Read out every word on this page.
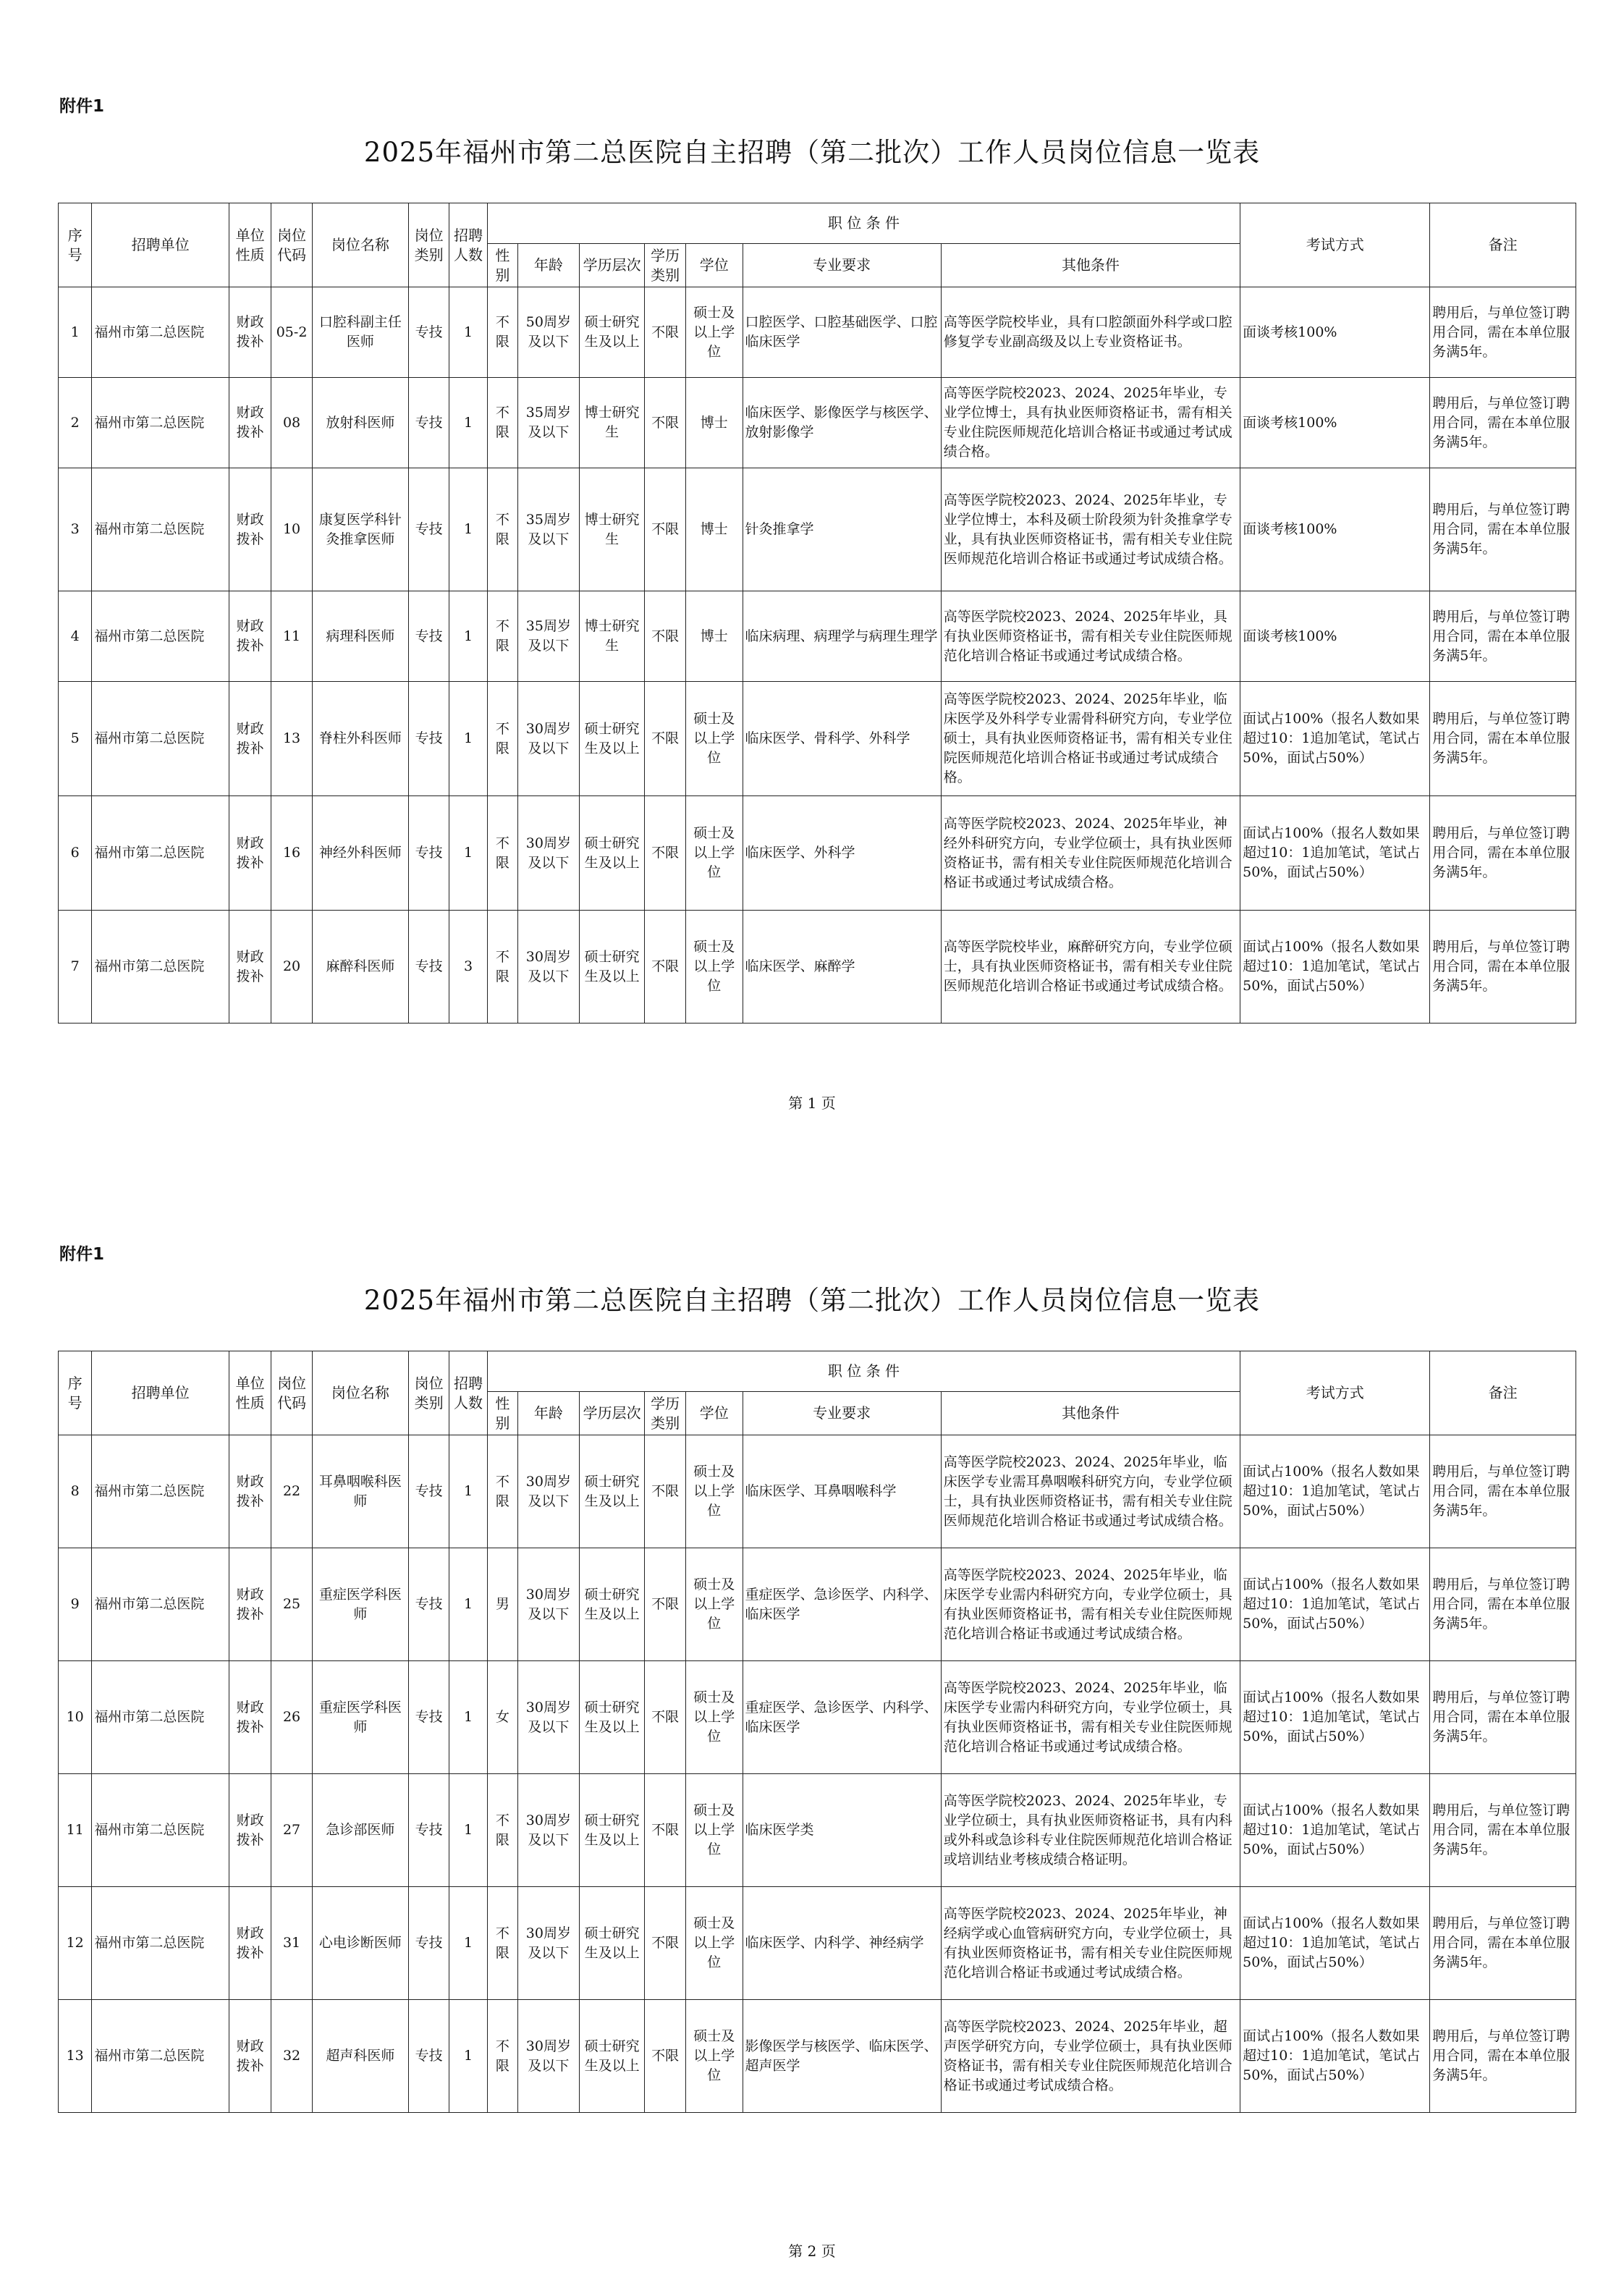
附件1
2025年福州市第二总医院自主招聘（第二批次）工作人员岗位信息一览表
序号	招聘单位	单位性质	岗位代码	岗位名称	岗位类别	招聘人数	职 位 条 件							考试方式	备注
							性别	年龄	学历层次	学历类别	学位	专业要求	其他条件		
1	福州市第二总医院	财政拨补	05-2	口腔科副主任医师	专技	1	不限	50周岁及以下	硕士研究生及以上	不限	硕士及以上学位	口腔医学、口腔基础医学、口腔临床医学	高等医学院校毕业，具有口腔颌面外科学或口腔修复学专业副高级及以上专业资格证书。	面谈考核100%	聘用后，与单位签订聘用合同，需在本单位服务满5年。
2	福州市第二总医院	财政拨补	08	放射科医师	专技	1	不限	35周岁及以下	博士研究生	不限	博士	临床医学、影像医学与核医学、放射影像学	高等医学院校2023、2024、2025年毕业，专业学位博士，具有执业医师资格证书，需有相关专业住院医师规范化培训合格证书或通过考试成绩合格。	面谈考核100%	聘用后，与单位签订聘用合同，需在本单位服务满5年。
3	福州市第二总医院	财政拨补	10	康复医学科针灸推拿医师	专技	1	不限	35周岁及以下	博士研究生	不限	博士	针灸推拿学	高等医学院校2023、2024、2025年毕业，专业学位博士，本科及硕士阶段须为针灸推拿学专业，具有执业医师资格证书，需有相关专业住院医师规范化培训合格证书或通过考试成绩合格。	面谈考核100%	聘用后，与单位签订聘用合同，需在本单位服务满5年。
4	福州市第二总医院	财政拨补	11	病理科医师	专技	1	不限	35周岁及以下	博士研究生	不限	博士	临床病理、病理学与病理生理学	高等医学院校2023、2024、2025年毕业，具有执业医师资格证书，需有相关专业住院医师规范化培训合格证书或通过考试成绩合格。	面谈考核100%	聘用后，与单位签订聘用合同，需在本单位服务满5年。
5	福州市第二总医院	财政拨补	13	脊柱外科医师	专技	1	不限	30周岁及以下	硕士研究生及以上	不限	硕士及以上学位	临床医学、骨科学、外科学	高等医学院校2023、2024、2025年毕业，临床医学及外科学专业需骨科研究方向，专业学位硕士，具有执业医师资格证书，需有相关专业住院医师规范化培训合格证书或通过考试成绩合格。	面试占100%（报名人数如果超过10：1追加笔试，笔试占50%，面试占50%）	聘用后，与单位签订聘用合同，需在本单位服务满5年。
6	福州市第二总医院	财政拨补	16	神经外科医师	专技	1	不限	30周岁及以下	硕士研究生及以上	不限	硕士及以上学位	临床医学、外科学	高等医学院校2023、2024、2025年毕业，神经外科研究方向，专业学位硕士，具有执业医师资格证书，需有相关专业住院医师规范化培训合格证书或通过考试成绩合格。	面试占100%（报名人数如果超过10：1追加笔试，笔试占50%，面试占50%）	聘用后，与单位签订聘用合同，需在本单位服务满5年。
7	福州市第二总医院	财政拨补	20	麻醉科医师	专技	3	不限	30周岁及以下	硕士研究生及以上	不限	硕士及以上学位	临床医学、麻醉学	高等医学院校毕业，麻醉研究方向，专业学位硕士，具有执业医师资格证书，需有相关专业住院医师规范化培训合格证书或通过考试成绩合格。	面试占100%（报名人数如果超过10：1追加笔试，笔试占50%，面试占50%）	聘用后，与单位签订聘用合同，需在本单位服务满5年。
第 1 页
附件1
2025年福州市第二总医院自主招聘（第二批次）工作人员岗位信息一览表
序号	招聘单位	单位性质	岗位代码	岗位名称	岗位类别	招聘人数	职 位 条 件							考试方式	备注
							性别	年龄	学历层次	学历类别	学位	专业要求	其他条件		
8	福州市第二总医院	财政拨补	22	耳鼻咽喉科医师	专技	1	不限	30周岁及以下	硕士研究生及以上	不限	硕士及以上学位	临床医学、耳鼻咽喉科学	高等医学院校2023、2024、2025年毕业，临床医学专业需耳鼻咽喉科研究方向，专业学位硕士，具有执业医师资格证书，需有相关专业住院医师规范化培训合格证书或通过考试成绩合格。	面试占100%（报名人数如果超过10：1追加笔试，笔试占50%，面试占50%）	聘用后，与单位签订聘用合同，需在本单位服务满5年。
9	福州市第二总医院	财政拨补	25	重症医学科医师	专技	1	男	30周岁及以下	硕士研究生及以上	不限	硕士及以上学位	重症医学、急诊医学、内科学、临床医学	高等医学院校2023、2024、2025年毕业，临床医学专业需内科研究方向，专业学位硕士，具有执业医师资格证书，需有相关专业住院医师规范化培训合格证书或通过考试成绩合格。	面试占100%（报名人数如果超过10：1追加笔试，笔试占50%，面试占50%）	聘用后，与单位签订聘用合同，需在本单位服务满5年。
10	福州市第二总医院	财政拨补	26	重症医学科医师	专技	1	女	30周岁及以下	硕士研究生及以上	不限	硕士及以上学位	重症医学、急诊医学、内科学、临床医学	高等医学院校2023、2024、2025年毕业，临床医学专业需内科研究方向，专业学位硕士，具有执业医师资格证书，需有相关专业住院医师规范化培训合格证书或通过考试成绩合格。	面试占100%（报名人数如果超过10：1追加笔试，笔试占50%，面试占50%）	聘用后，与单位签订聘用合同，需在本单位服务满5年。
11	福州市第二总医院	财政拨补	27	急诊部医师	专技	1	不限	30周岁及以下	硕士研究生及以上	不限	硕士及以上学位	临床医学类	高等医学院校2023、2024、2025年毕业，专业学位硕士，具有执业医师资格证书，具有内科或外科或急诊科专业住院医师规范化培训合格证或培训结业考核成绩合格证明。	面试占100%（报名人数如果超过10：1追加笔试，笔试占50%，面试占50%）	聘用后，与单位签订聘用合同，需在本单位服务满5年。
12	福州市第二总医院	财政拨补	31	心电诊断医师	专技	1	不限	30周岁及以下	硕士研究生及以上	不限	硕士及以上学位	临床医学、内科学、神经病学	高等医学院校2023、2024、2025年毕业，神经病学或心血管病研究方向，专业学位硕士，具有执业医师资格证书，需有相关专业住院医师规范化培训合格证书或通过考试成绩合格。	面试占100%（报名人数如果超过10：1追加笔试，笔试占50%，面试占50%）	聘用后，与单位签订聘用合同，需在本单位服务满5年。
13	福州市第二总医院	财政拨补	32	超声科医师	专技	1	不限	30周岁及以下	硕士研究生及以上	不限	硕士及以上学位	影像医学与核医学、临床医学、超声医学	高等医学院校2023、2024、2025年毕业，超声医学研究方向，专业学位硕士，具有执业医师资格证书，需有相关专业住院医师规范化培训合格证书或通过考试成绩合格。	面试占100%（报名人数如果超过10：1追加笔试，笔试占50%，面试占50%）	聘用后，与单位签订聘用合同，需在本单位服务满5年。
第 2 页
